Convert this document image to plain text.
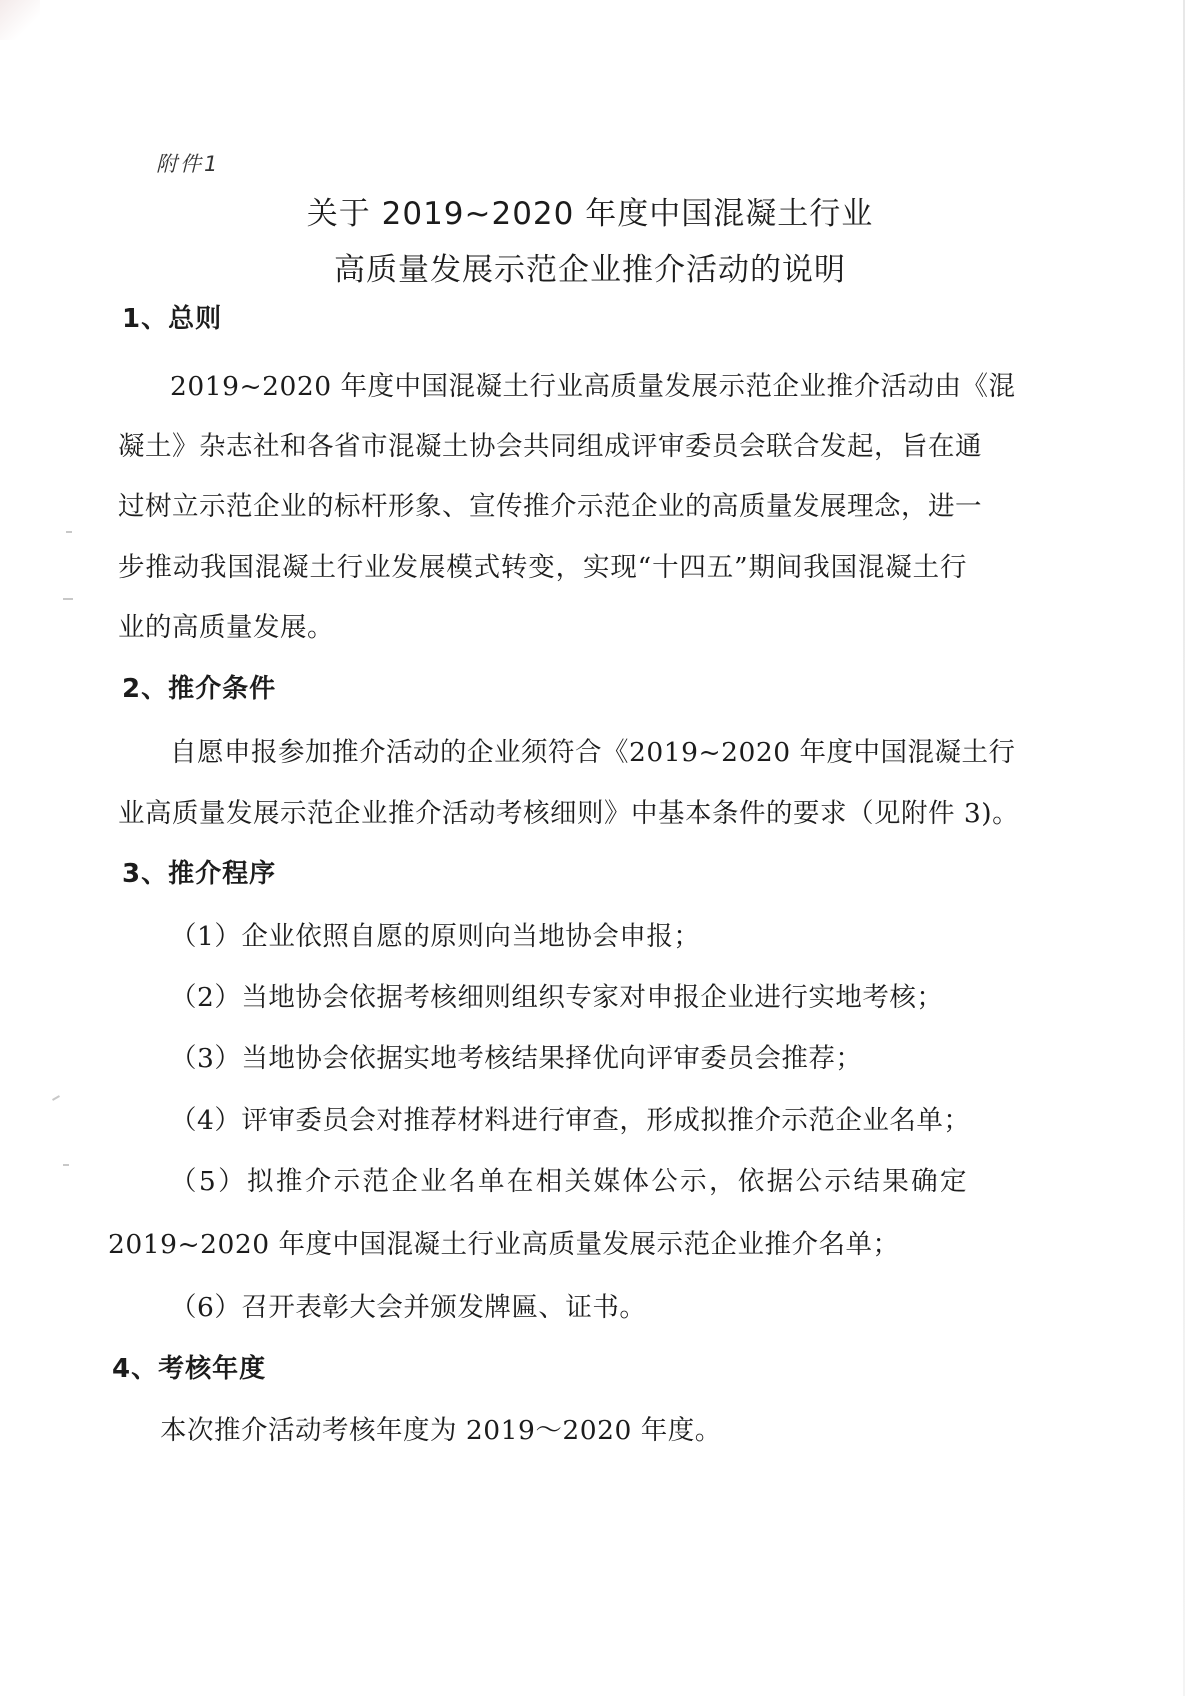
附件1
关于 2019~2020 年度中国混凝土行业
高质量发展示范企业推介活动的说明
1、总则
2019~2020 年度中国混凝土行业高质量发展示范企业推介活动由《混
凝土》杂志社和各省市混凝土协会共同组成评审委员会联合发起，旨在通
过树立示范企业的标杆形象、宣传推介示范企业的高质量发展理念，进一
步推动我国混凝土行业发展模式转变，实现“十四五”期间我国混凝土行
业的高质量发展。
2、推介条件
自愿申报参加推介活动的企业须符合《2019~2020 年度中国混凝土行
业高质量发展示范企业推介活动考核细则》中基本条件的要求（见附件 3)。
3、推介程序
（1）企业依照自愿的原则向当地协会申报；
（2）当地协会依据考核细则组织专家对申报企业进行实地考核；
（3）当地协会依据实地考核结果择优向评审委员会推荐；
（4）评审委员会对推荐材料进行审查，形成拟推介示范企业名单；
（5）拟推介示范企业名单在相关媒体公示，依据公示结果确定
2019~2020 年度中国混凝土行业高质量发展示范企业推介名单；
（6）召开表彰大会并颁发牌匾、证书。
4、考核年度
本次推介活动考核年度为 2019～2020 年度。
